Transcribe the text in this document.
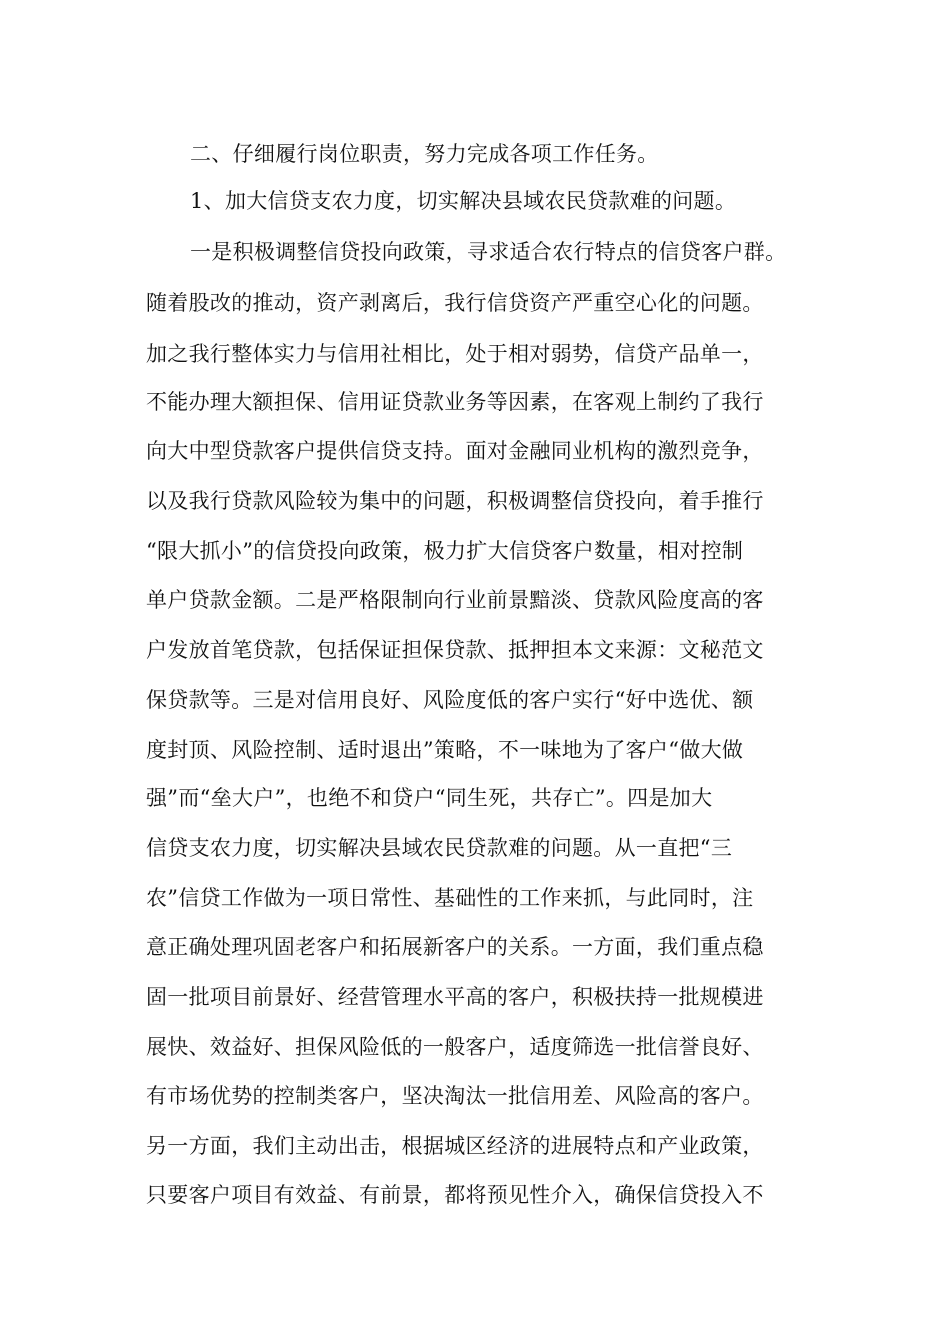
二、仔细履行岗位职责，努力完成各项工作任务。
1、加大信贷支农力度，切实解决县域农民贷款难的问题。
一是积极调整信贷投向政策，寻求适合农行特点的信贷客户群。
随着股改的推动，资产剥离后，我行信贷资产严重空心化的问题。
加之我行整体实力与信用社相比，处于相对弱势，信贷产品单一，
不能办理大额担保、信用证贷款业务等因素，在客观上制约了我行
向大中型贷款客户提供信贷支持。面对金融同业机构的激烈竞争，
以及我行贷款风险较为集中的问题，积极调整信贷投向，着手推行
“限大抓小”的信贷投向政策，极力扩大信贷客户数量，相对控制
单户贷款金额。二是严格限制向行业前景黯淡、贷款风险度高的客
户发放首笔贷款，包括保证担保贷款、抵押担本文来源：文秘范文
保贷款等。三是对信用良好、风险度低的客户实行“好中选优、额
度封顶、风险控制、适时退出”策略，不一味地为了客户“做大做
强”而“垒大户”，也绝不和贷户“同生死，共存亡”。四是加大
信贷支农力度，切实解决县域农民贷款难的问题。从一直把“三
农”信贷工作做为一项日常性、基础性的工作来抓，与此同时，注
意正确处理巩固老客户和拓展新客户的关系。一方面，我们重点稳
固一批项目前景好、经营管理水平高的客户，积极扶持一批规模进
展快、效益好、担保风险低的一般客户，适度筛选一批信誉良好、
有市场优势的控制类客户，坚决淘汰一批信用差、风险高的客户。
另一方面，我们主动出击，根据城区经济的进展特点和产业政策，
只要客户项目有效益、有前景，都将预见性介入，确保信贷投入不
